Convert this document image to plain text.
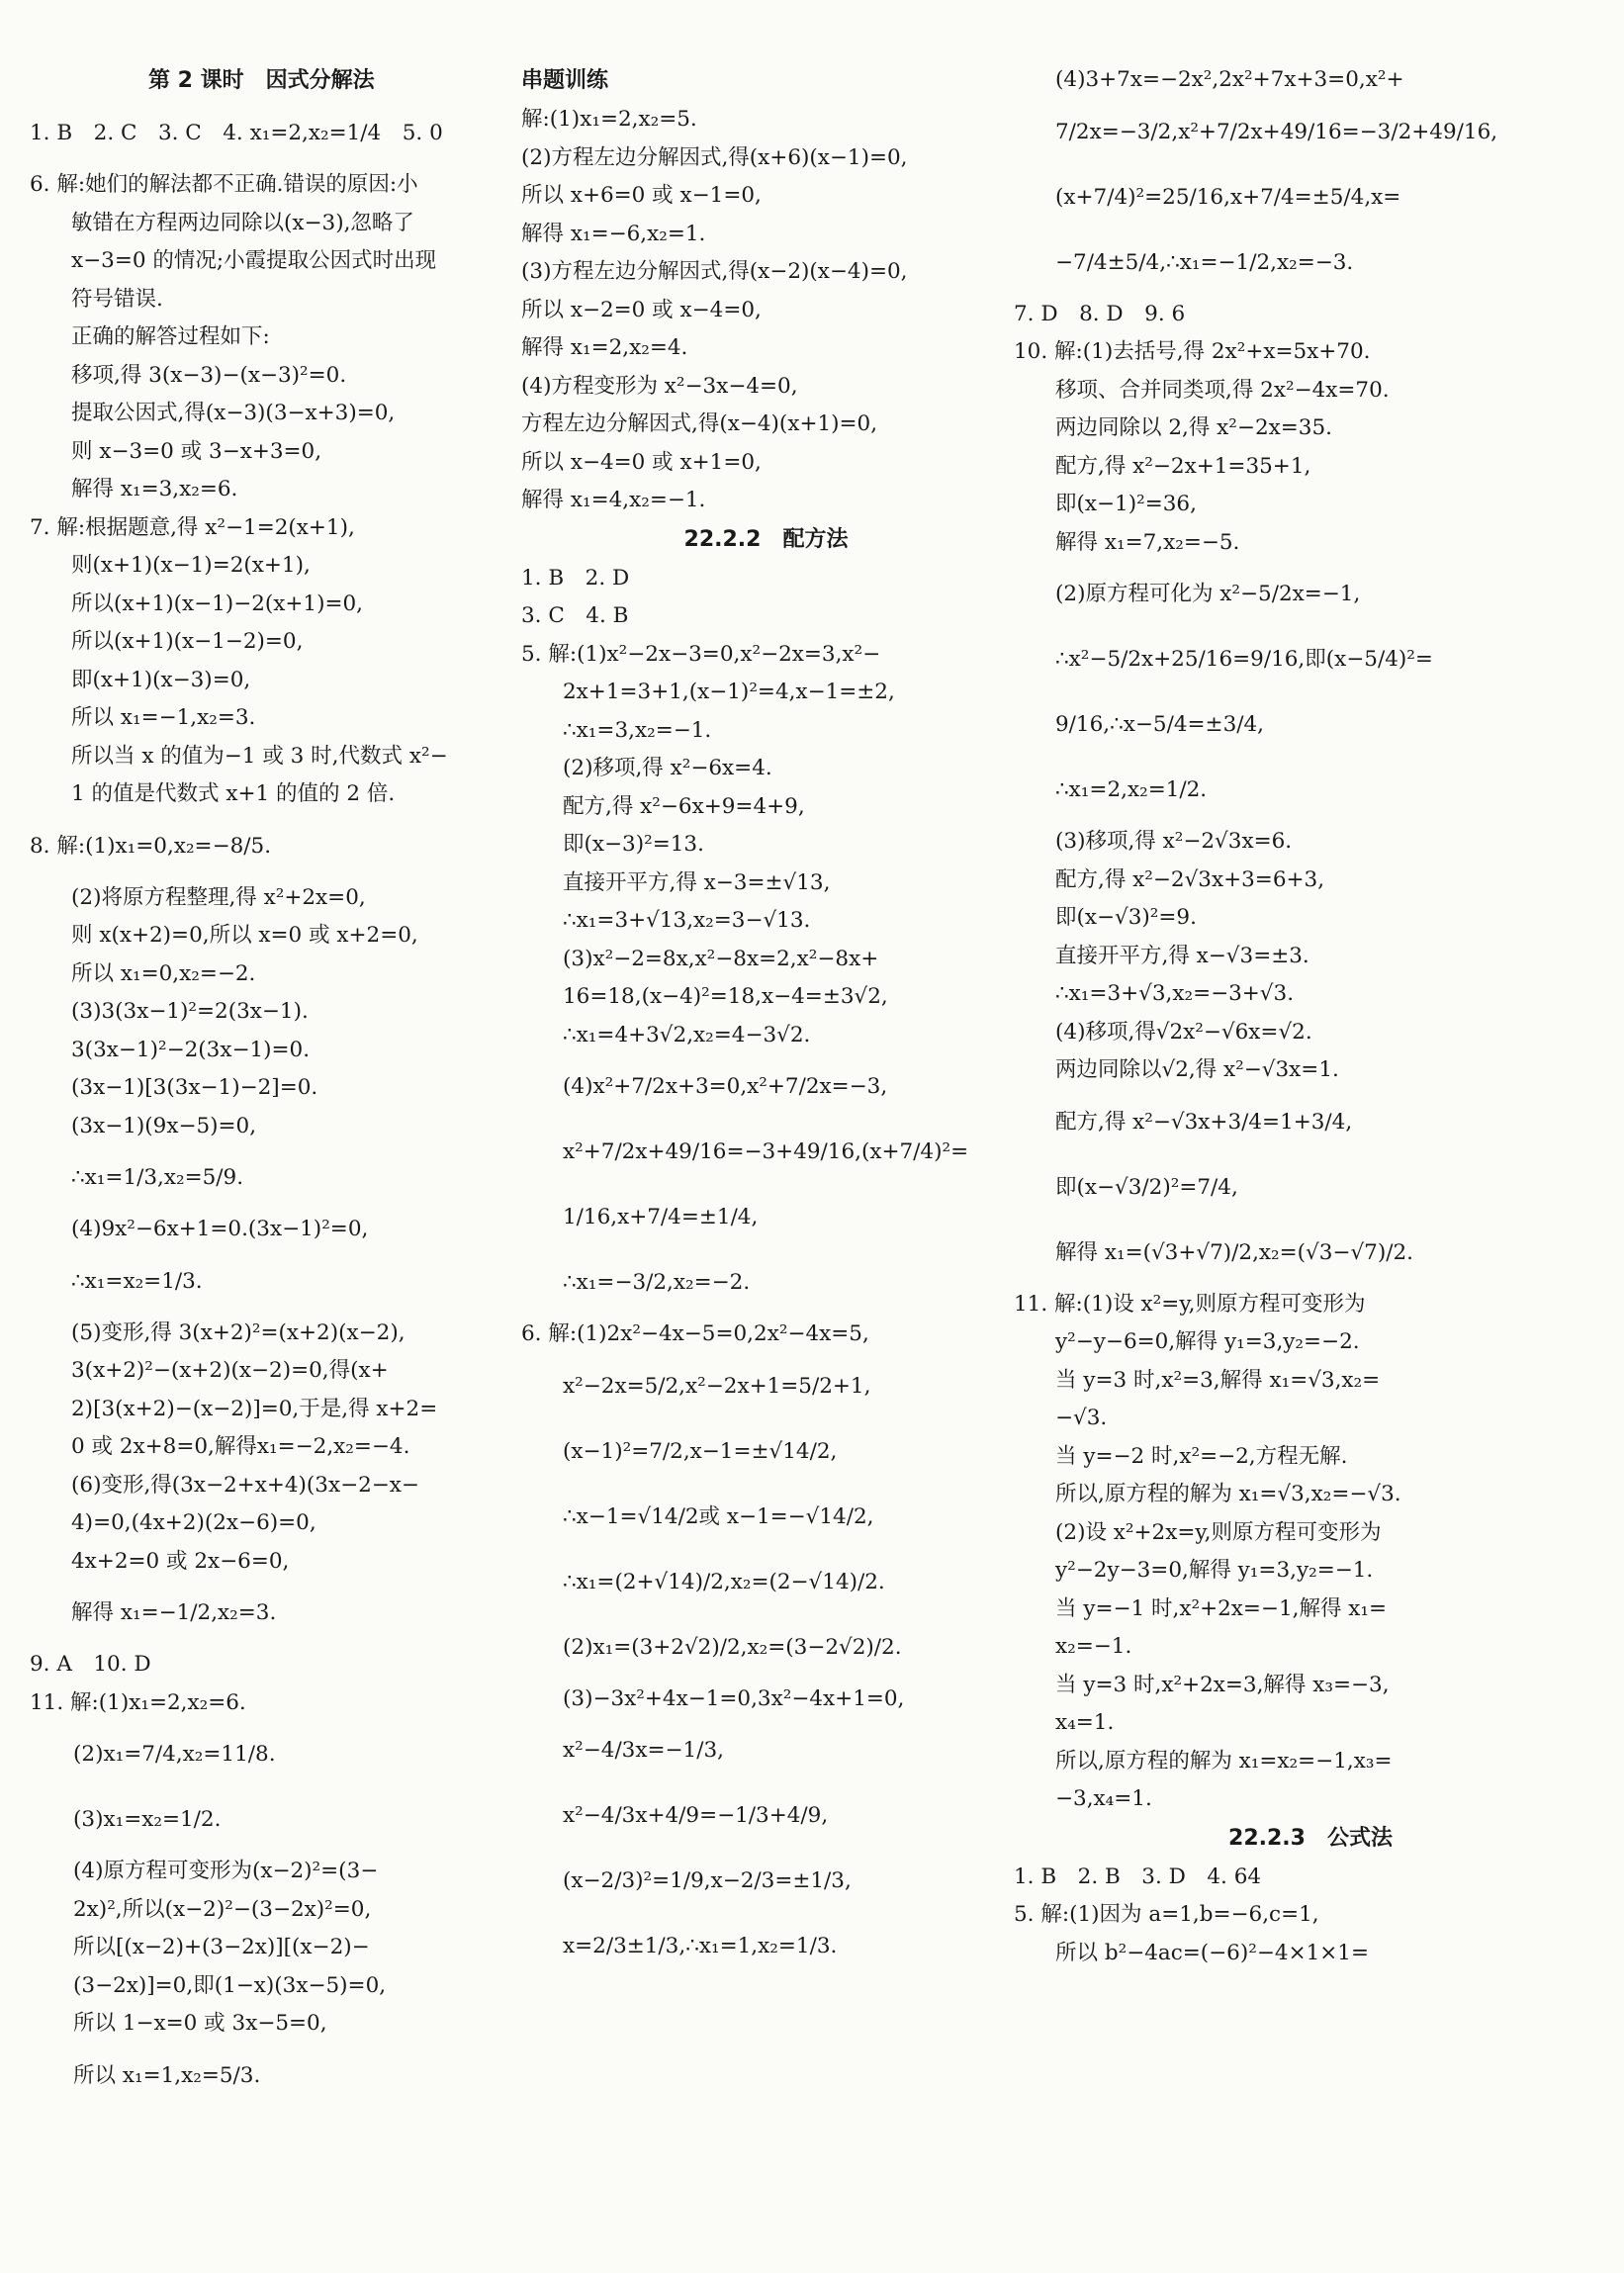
第 2 课时　因式分解法
1. B　2. C　3. C　4. x₁=2,x₂=1/4　5. 0
6. 解:她们的解法都不正确.错误的原因:小
敏错在方程两边同除以(x−3),忽略了
x−3=0 的情况;小霞提取公因式时出现
符号错误.
正确的解答过程如下:
移项,得 3(x−3)−(x−3)²=0.
提取公因式,得(x−3)(3−x+3)=0,
则 x−3=0 或 3−x+3=0,
解得 x₁=3,x₂=6.
7. 解:根据题意,得 x²−1=2(x+1),
则(x+1)(x−1)=2(x+1),
所以(x+1)(x−1)−2(x+1)=0,
所以(x+1)(x−1−2)=0,
即(x+1)(x−3)=0,
所以 x₁=−1,x₂=3.
所以当 x 的值为−1 或 3 时,代数式 x²−
1 的值是代数式 x+1 的值的 2 倍.
8. 解:(1)x₁=0,x₂=−8/5.
(2)将原方程整理,得 x²+2x=0,
则 x(x+2)=0,所以 x=0 或 x+2=0,
所以 x₁=0,x₂=−2.
(3)3(3x−1)²=2(3x−1).
3(3x−1)²−2(3x−1)=0.
(3x−1)[3(3x−1)−2]=0.
(3x−1)(9x−5)=0,
∴x₁=1/3,x₂=5/9.
(4)9x²−6x+1=0.(3x−1)²=0,
∴x₁=x₂=1/3.
(5)变形,得 3(x+2)²=(x+2)(x−2),
3(x+2)²−(x+2)(x−2)=0,得(x+
2)[3(x+2)−(x−2)]=0,于是,得 x+2=
0 或 2x+8=0,解得x₁=−2,x₂=−4.
(6)变形,得(3x−2+x+4)(3x−2−x−
4)=0,(4x+2)(2x−6)=0,
4x+2=0 或 2x−6=0,
解得 x₁=−1/2,x₂=3.
9. A　10. D
11. 解:(1)x₁=2,x₂=6.
(2)x₁=7/4,x₂=11/8.
(3)x₁=x₂=1/2.
(4)原方程可变形为(x−2)²=(3−
2x)²,所以(x−2)²−(3−2x)²=0,
所以[(x−2)+(3−2x)][(x−2)−
(3−2x)]=0,即(1−x)(3x−5)=0,
所以 1−x=0 或 3x−5=0,
所以 x₁=1,x₂=5/3.
串题训练
解:(1)x₁=2,x₂=5.
(2)方程左边分解因式,得(x+6)(x−1)=0,
所以 x+6=0 或 x−1=0,
解得 x₁=−6,x₂=1.
(3)方程左边分解因式,得(x−2)(x−4)=0,
所以 x−2=0 或 x−4=0,
解得 x₁=2,x₂=4.
(4)方程变形为 x²−3x−4=0,
方程左边分解因式,得(x−4)(x+1)=0,
所以 x−4=0 或 x+1=0,
解得 x₁=4,x₂=−1.
22.2.2　配方法
1. B　2. D
3. C　4. B
5. 解:(1)x²−2x−3=0,x²−2x=3,x²−
2x+1=3+1,(x−1)²=4,x−1=±2,
∴x₁=3,x₂=−1.
(2)移项,得 x²−6x=4.
配方,得 x²−6x+9=4+9,
即(x−3)²=13.
直接开平方,得 x−3=±√13,
∴x₁=3+√13,x₂=3−√13.
(3)x²−2=8x,x²−8x=2,x²−8x+
16=18,(x−4)²=18,x−4=±3√2,
∴x₁=4+3√2,x₂=4−3√2.
(4)x²+7/2x+3=0,x²+7/2x=−3,
x²+7/2x+49/16=−3+49/16,(x+7/4)²=
1/16,x+7/4=±1/4,
∴x₁=−3/2,x₂=−2.
6. 解:(1)2x²−4x−5=0,2x²−4x=5,
x²−2x=5/2,x²−2x+1=5/2+1,
(x−1)²=7/2,x−1=±√14/2,
∴x−1=√14/2或 x−1=−√14/2,
∴x₁=(2+√14)/2,x₂=(2−√14)/2.
(2)x₁=(3+2√2)/2,x₂=(3−2√2)/2.
(3)−3x²+4x−1=0,3x²−4x+1=0,
x²−4/3x=−1/3,
x²−4/3x+4/9=−1/3+4/9,
(x−2/3)²=1/9,x−2/3=±1/3,
x=2/3±1/3,∴x₁=1,x₂=1/3.
(4)3+7x=−2x²,2x²+7x+3=0,x²+
7/2x=−3/2,x²+7/2x+49/16=−3/2+49/16,
(x+7/4)²=25/16,x+7/4=±5/4,x=
−7/4±5/4,∴x₁=−1/2,x₂=−3.
7. D　8. D　9. 6
10. 解:(1)去括号,得 2x²+x=5x+70.
移项、合并同类项,得 2x²−4x=70.
两边同除以 2,得 x²−2x=35.
配方,得 x²−2x+1=35+1,
即(x−1)²=36,
解得 x₁=7,x₂=−5.
(2)原方程可化为 x²−5/2x=−1,
∴x²−5/2x+25/16=9/16,即(x−5/4)²=
9/16,∴x−5/4=±3/4,
∴x₁=2,x₂=1/2.
(3)移项,得 x²−2√3x=6.
配方,得 x²−2√3x+3=6+3,
即(x−√3)²=9.
直接开平方,得 x−√3=±3.
∴x₁=3+√3,x₂=−3+√3.
(4)移项,得√2x²−√6x=√2.
两边同除以√2,得 x²−√3x=1.
配方,得 x²−√3x+3/4=1+3/4,
即(x−√3/2)²=7/4,
解得 x₁=(√3+√7)/2,x₂=(√3−√7)/2.
11. 解:(1)设 x²=y,则原方程可变形为
y²−y−6=0,解得 y₁=3,y₂=−2.
当 y=3 时,x²=3,解得 x₁=√3,x₂=
−√3.
当 y=−2 时,x²=−2,方程无解.
所以,原方程的解为 x₁=√3,x₂=−√3.
(2)设 x²+2x=y,则原方程可变形为
y²−2y−3=0,解得 y₁=3,y₂=−1.
当 y=−1 时,x²+2x=−1,解得 x₁=
x₂=−1.
当 y=3 时,x²+2x=3,解得 x₃=−3,
x₄=1.
所以,原方程的解为 x₁=x₂=−1,x₃=
−3,x₄=1.
22.2.3　公式法
1. B　2. B　3. D　4. 64
5. 解:(1)因为 a=1,b=−6,c=1,
所以 b²−4ac=(−6)²−4×1×1=
